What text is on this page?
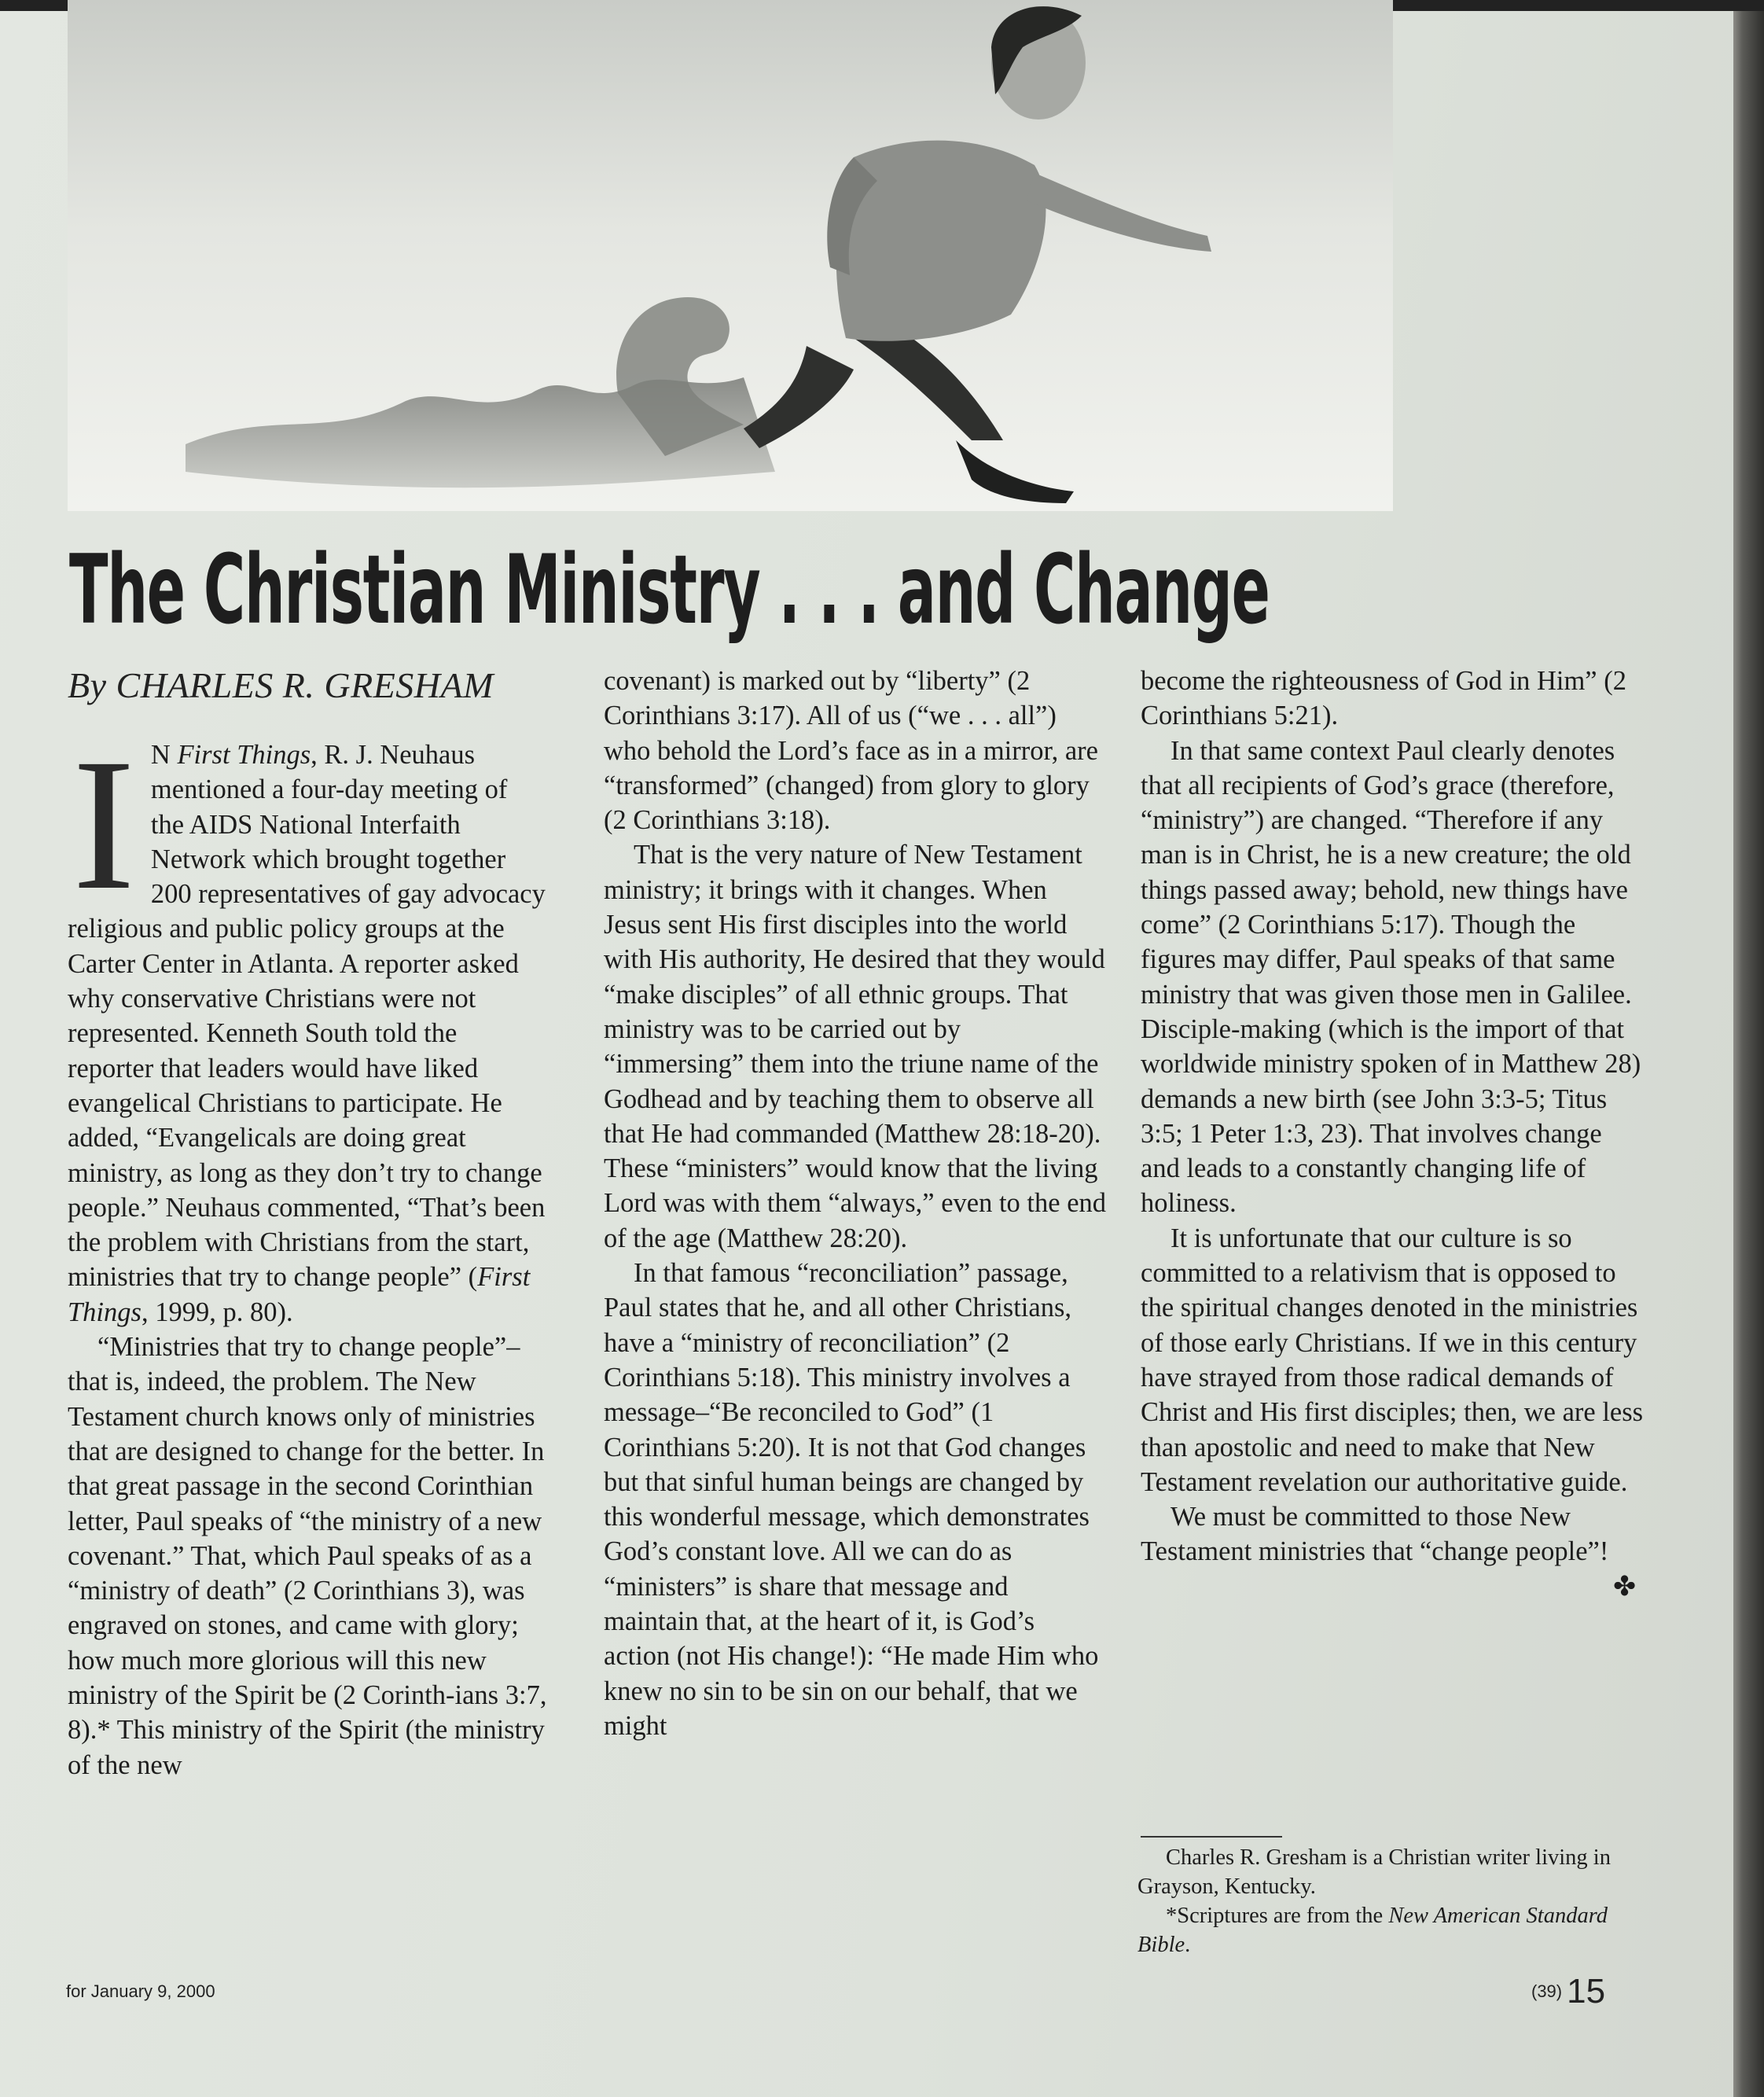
The Christian Ministry . . . and Change
By CHARLES R. GRESHAM

I N First Things, R. J. Neuhaus mentioned a four-day meeting of the AIDS National Interfaith Network which brought together 200 representatives of gay advocacy religious and public policy groups at the Carter Center in Atlanta. A reporter asked why conservative Christians were not represented. Kenneth South told the reporter that leaders would have liked evangelical Christians to participate. He added, “Evangelicals are doing great ministry, as long as they don’t try to change people.” Neuhaus commented, “That’s been the problem with Christians from the start, ministries that try to change people” (First Things, 1999, p. 80).

“Ministries that try to change people”–that is, indeed, the problem. The New Testament church knows only of ministries that are designed to change for the better. In that great passage in the second Corinthian letter, Paul speaks of “the ministry of a new covenant.” That, which Paul speaks of as a “ministry of death” (2 Corinthians 3), was engraved on stones, and came with glory; how much more glorious will this new ministry of the Spirit be (2 Corinth-ians 3:7, 8).* This ministry of the Spirit (the ministry of the new

covenant) is marked out by “liberty” (2 Corinthians 3:17). All of us (“we . . . all”) who behold the Lord’s face as in a mirror, are “transformed” (changed) from glory to glory (2 Corinthians 3:18).

That is the very nature of New Testament ministry; it brings with it changes. When Jesus sent His first disciples into the world with His authority, He desired that they would “make disciples” of all ethnic groups. That ministry was to be carried out by “immersing” them into the triune name of the Godhead and by teaching them to observe all that He had commanded (Matthew 28:18-20). These “ministers” would know that the living Lord was with them “always,” even to the end of the age (Matthew 28:20).

In that famous “reconciliation” passage, Paul states that he, and all other Christians, have a “ministry of reconciliation” (2 Corinthians 5:18). This ministry involves a message–“Be reconciled to God” (1 Corinthians 5:20). It is not that God changes but that sinful human beings are changed by this wonderful message, which demonstrates God’s constant love. All we can do as “ministers” is share that message and maintain that, at the heart of it, is God’s action (not His change!): “He made Him who knew no sin to be sin on our behalf, that we might

become the righteousness of God in Him” (2 Corinthians 5:21).

In that same context Paul clearly denotes that all recipients of God’s grace (therefore, “ministry”) are changed. “Therefore if any man is in Christ, he is a new creature; the old things passed away; behold, new things have come” (2 Corinthians 5:17). Though the figures may differ, Paul speaks of that same ministry that was given those men in Galilee. Disciple-making (which is the import of that worldwide ministry spoken of in Matthew 28) demands a new birth (see John 3:3-5; Titus 3:5; 1 Peter 1:3, 23). That involves change and leads to a constantly changing life of holiness.

It is unfortunate that our culture is so committed to a relativism that is opposed to the spiritual changes denoted in the ministries of those early Christians. If we in this century have strayed from those radical demands of Christ and His first disciples; then, we are less than apostolic and need to make that New Testament revelation our authoritative guide.

We must be committed to those New Testament ministries that “change people”!
✤

Charles R. Gresham is a Christian writer living in Grayson, Kentucky.

*Scriptures are from the New American Standard Bible.

for January 9, 2000	(39) 15
